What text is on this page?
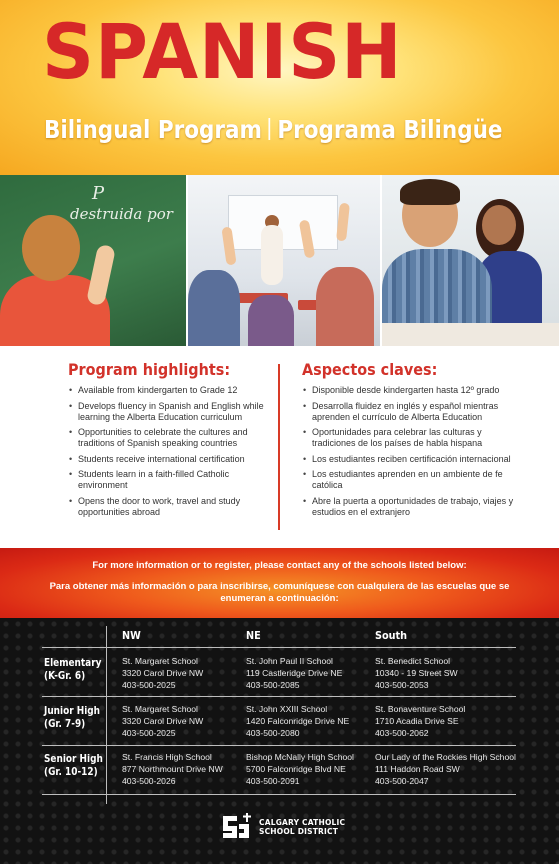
SPANISH
Bilingual Program Programa Bilingüe
P
destruida por
Program highlights:
• Available from kindergarten to Grade 12
• Develops fluency in Spanish and English while learning the Alberta Education curriculum
• Opportunities to celebrate the cultures and traditions of Spanish speaking countries
• Students receive international certification
• Students learn in a faith-filled Catholic environment
• Opens the door to work, travel and study opportunities abroad
Aspectos claves:
• Disponible desde kindergarten hasta 12º grado
• Desarrolla fluidez en inglés y español mientras aprenden el currículo de Alberta Education
• Oportunidades para celebrar las culturas y tradiciones de los países de habla hispana
• Los estudiantes reciben certificación internacional
• Los estudiantes aprenden en un ambiente de fe católica
• Abre la puerta a oportunidades de trabajo, viajes y estudios en el extranjero
For more information or to register, please contact any of the schools listed below:
Para obtener más información o para inscribirse, comuníquese con cualquiera de las escuelas que se enumeran a continuación:
NW	NE	South
Elementary
(K-Gr. 6)
St. Margaret School
3320 Carol Drive NW
403-500-2025
St. John Paul II School
119 Castleridge Drive NE
403-500-2085
St. Benedict School
10340 - 19 Street SW
403-500-2053
Junior High
(Gr. 7-9)
St. Margaret School
3320 Carol Drive NW
403-500-2025
St. John XXIII School
1420 Falconridge Drive NE
403-500-2080
St. Bonaventure School
1710 Acadia Drive SE
403-500-2062
Senior High
(Gr. 10-12)
St. Francis High School
877 Northmount Drive NW
403-500-2026
Bishop McNally High School
5700 Falconridge Blvd NE
403-500-2091
Our Lady of the Rockies High School
111 Haddon Road SW
403-500-2047
CALGARY CATHOLIC
SCHOOL DISTRICT
